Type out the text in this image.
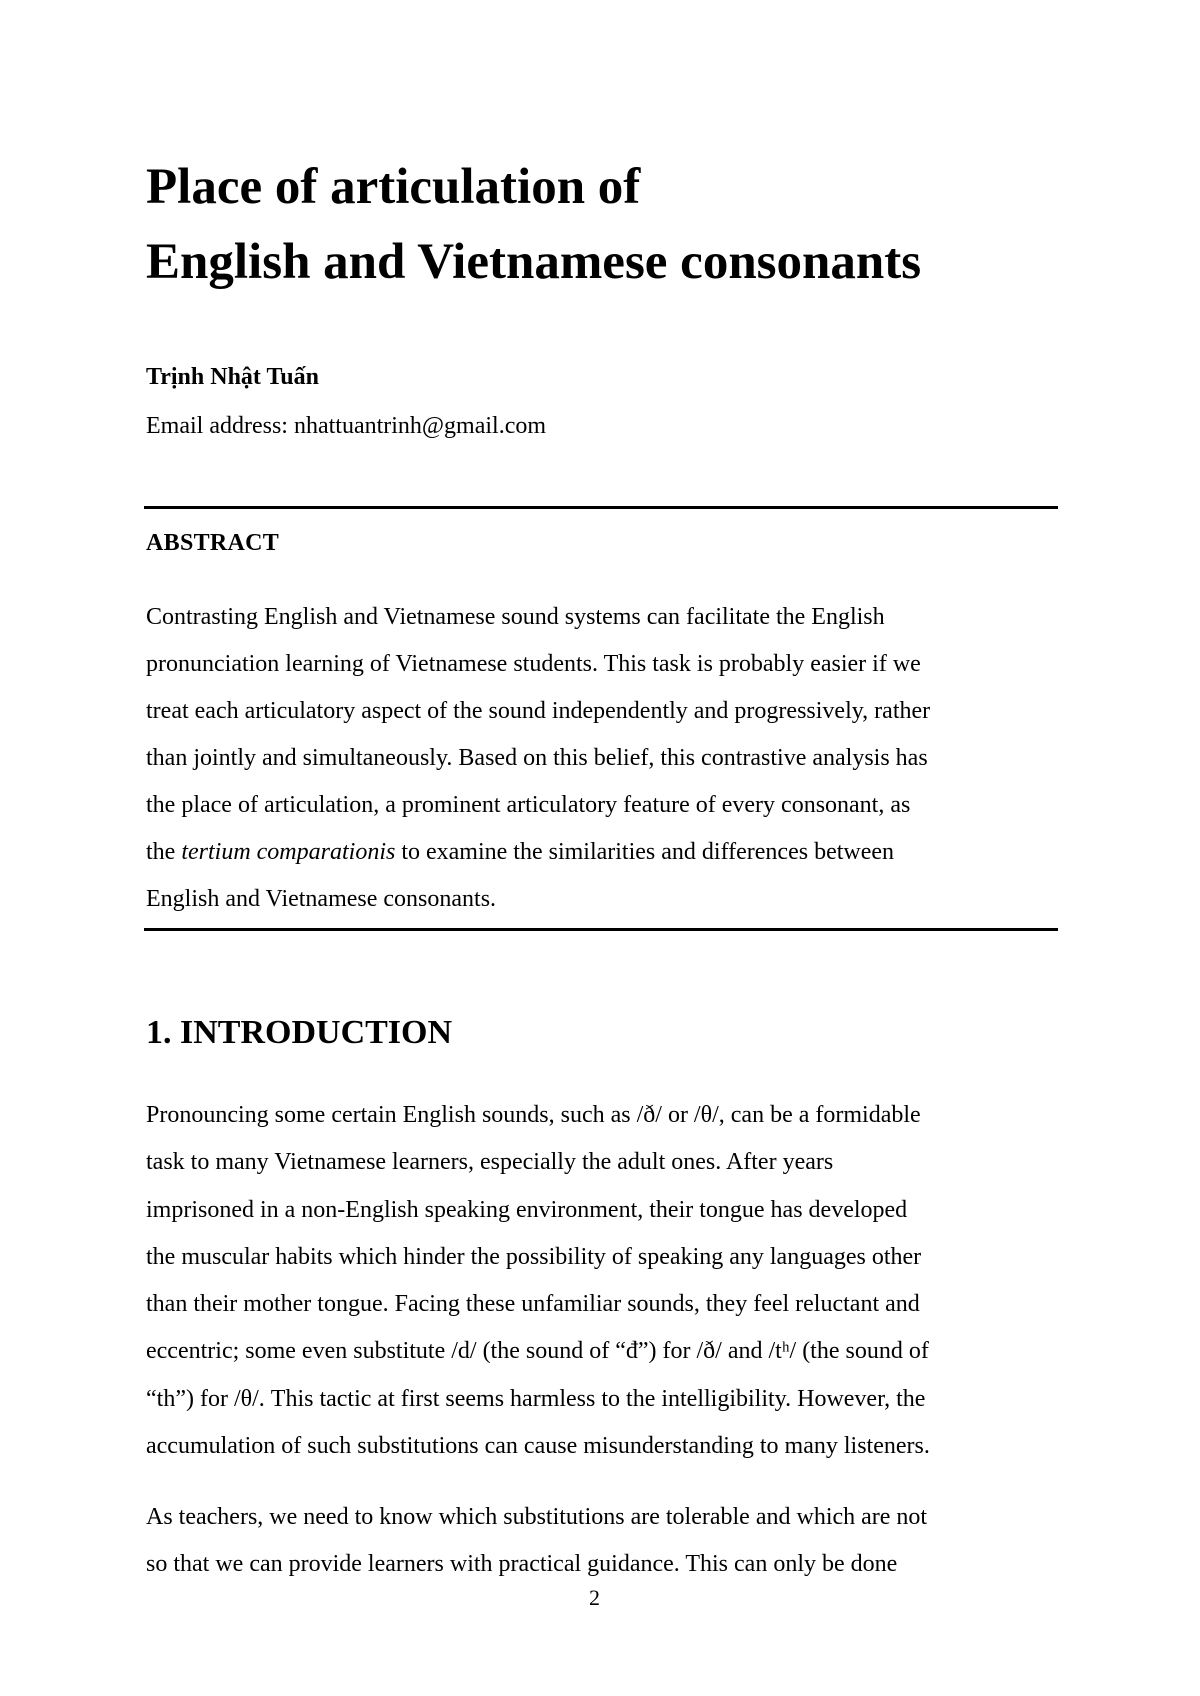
Place of articulation of
English and Vietnamese consonants
Trịnh Nhật Tuấn
Email address: nhattuantrinh@gmail.com
ABSTRACT
Contrasting English and Vietnamese sound systems can facilitate the English
pronunciation learning of Vietnamese students. This task is probably easier if we
treat each articulatory aspect of the sound independently and progressively, rather
than jointly and simultaneously. Based on this belief, this contrastive analysis has
the place of articulation, a prominent articulatory feature of every consonant, as
the tertium comparationis to examine the similarities and differences between
English and Vietnamese consonants.
1. INTRODUCTION
Pronouncing some certain English sounds, such as /ð/ or /θ/, can be a formidable
task to many Vietnamese learners, especially the adult ones. After years
imprisoned in a non-English speaking environment, their tongue has developed
the muscular habits which hinder the possibility of speaking any languages other
than their mother tongue. Facing these unfamiliar sounds, they feel reluctant and
eccentric; some even substitute /d/ (the sound of “đ”) for /ð/ and /tʰ/ (the sound of
“th”) for /θ/. This tactic at first seems harmless to the intelligibility. However, the
accumulation of such substitutions can cause misunderstanding to many listeners.
As teachers, we need to know which substitutions are tolerable and which are not
so that we can provide learners with practical guidance. This can only be done
2
